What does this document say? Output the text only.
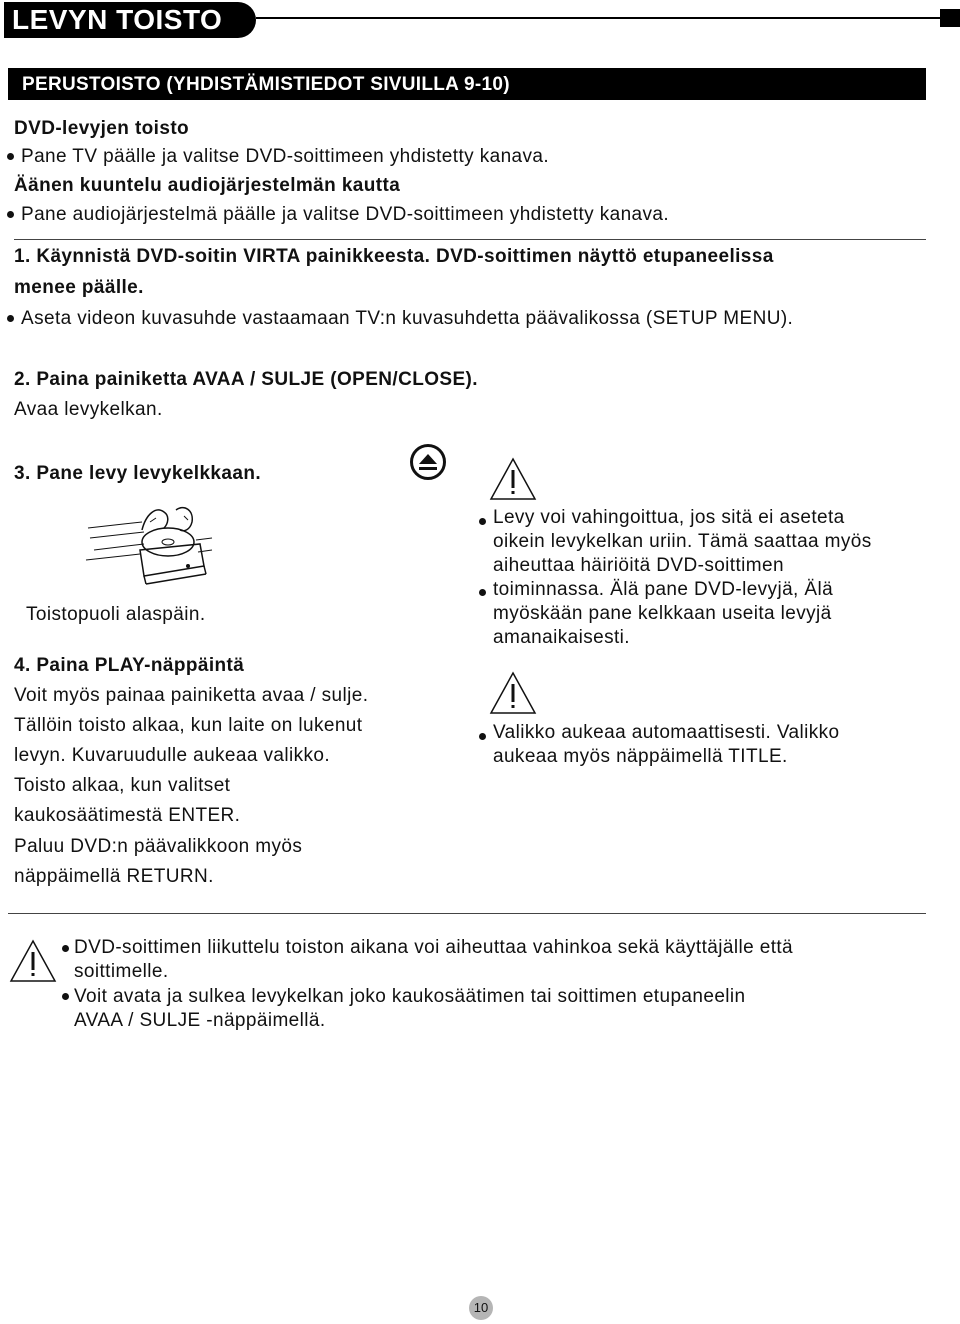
LEVYN TOISTO
PERUSTOISTO (YHDISTÄMISTIEDOT SIVUILLA 9-10)
DVD-levyjen toisto
Pane TV päälle ja valitse DVD-soittimeen yhdistetty kanava.
Äänen kuuntelu audiojärjestelmän kautta
Pane audiojärjestelmä päälle ja valitse DVD-soittimeen yhdistetty kanava.
1. Käynnistä DVD-soitin VIRTA painikkeesta. DVD-soittimen näyttö etupaneelissa
menee päälle.
Aseta videon kuvasuhde vastaamaan TV:n kuvasuhdetta päävalikossa (SETUP MENU).
2. Paina painiketta AVAA / SULJE (OPEN/CLOSE).
Avaa levykelkan.
3. Pane levy levykelkkaan.
Toistopuoli alaspäin.
4. Paina PLAY-näppäintä
Voit myös painaa painiketta avaa / sulje.
Tällöin toisto alkaa, kun laite on lukenut
levyn. Kuvaruudulle aukeaa valikko.
Toisto alkaa, kun valitset
kaukosäätimestä ENTER.
Paluu DVD:n päävalikkoon myös
näppäimellä RETURN.
Levy voi vahingoittua, jos sitä ei aseteta
oikein levykelkan uriin. Tämä saattaa myös
aiheuttaa häiriöitä DVD-soittimen
toiminnassa. Älä pane DVD-levyjä, Älä
myöskään pane kelkkaan useita levyjä
amanaikaisesti.
Valikko aukeaa automaattisesti. Valikko
aukeaa myös näppäimellä TITLE.
DVD-soittimen liikuttelu toiston aikana voi aiheuttaa vahinkoa sekä käyttäjälle että
soittimelle.
Voit avata ja sulkea levykelkan joko kaukosäätimen tai soittimen etupaneelin
AVAA / SULJE -näppäimellä.
10
